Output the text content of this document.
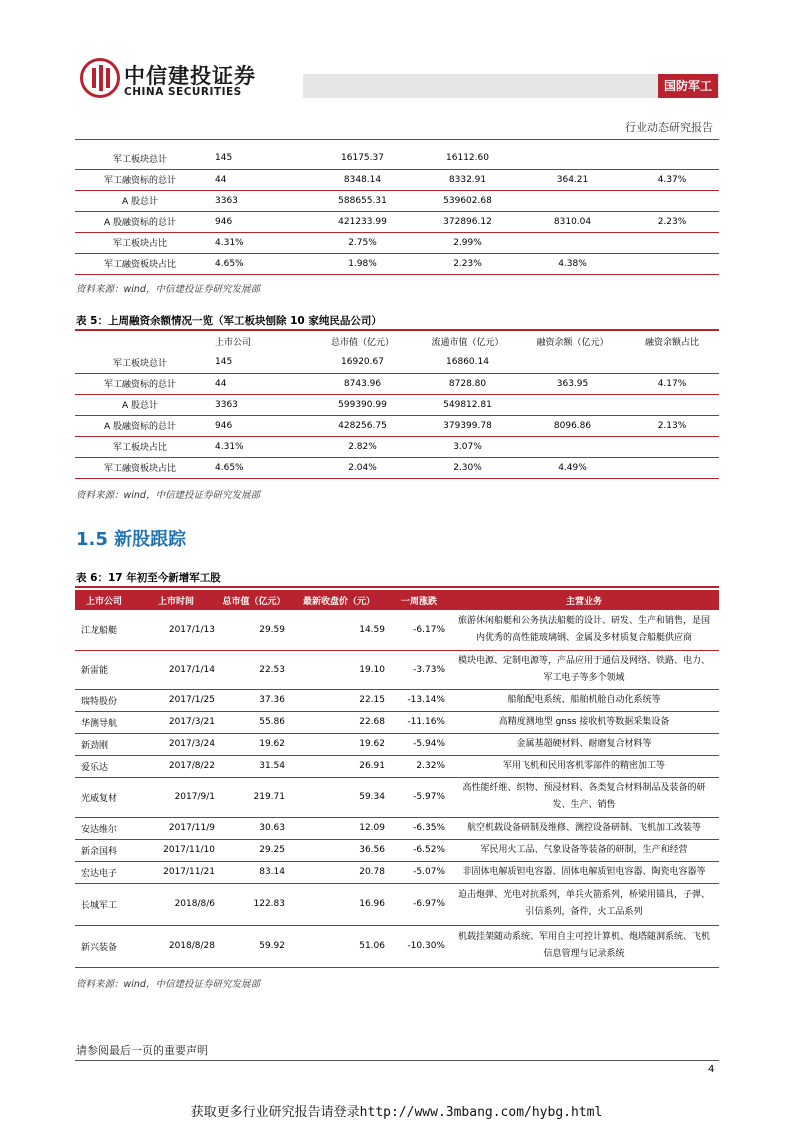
中信建投证券
CHINA SECURITIES	国防军工
行业动态研究报告
军工板块总计	145	16175.37	16112.60		
军工融资标的总计	44	8348.14	8332.91	364.21	4.37%
A 股总计	3363	588655.31	539602.68		
A 股融资标的总计	946	421233.99	372896.12	8310.04	2.23%
军工板块占比	4.31%	2.75%	2.99%		
军工融资板块占比	4.65%	1.98%	2.23%	4.38%	
资料来源：wind，中信建投证券研究发展部
表 5：上周融资余额情况一览（军工板块刨除 10 家纯民品公司）
	上市公司	总市值（亿元）	流通市值（亿元）	融资余额（亿元）	融资余额占比
军工板块总计	145	16920.67	16860.14		
军工融资标的总计	44	8743.96	8728.80	363.95	4.17%
A 股总计	3363	599390.99	549812.81		
A 股融资标的总计	946	428256.75	379399.78	8096.86	2.13%
军工板块占比	4.31%	2.82%	3.07%		
军工融资板块占比	4.65%	2.04%	2.30%	4.49%	
资料来源：wind，中信建投证券研究发展部
1.5 新股跟踪
表 6：17 年初至今新增军工股
上市公司	上市时间	总市值（亿元）	最新收盘价（元）	一周涨跌	主营业务
江龙船艇	2017/1/13	29.59	14.59	-6.17%	旅游休闲船艇和公务执法船艇的设计、研发、生产和销售，是国内优秀的高性能玻璃钢、金属及多材质复合船艇供应商
新雷能	2017/1/14	22.53	19.10	-3.73%	模块电源、定制电源等，产品应用于通信及网络、铁路、电力、军工电子等多个领域
瑞特股份	2017/1/25	37.36	22.15	-13.14%	船舶配电系统、船舶机舱自动化系统等
华测导航	2017/3/21	55.86	22.68	-11.16%	高精度测地型 gnss 接收机等数据采集设备
新劲刚	2017/3/24	19.62	19.62	-5.94%	金属基超硬材料、耐磨复合材料等
爱乐达	2017/8/22	31.54	26.91	2.32%	军用飞机和民用客机零部件的精密加工等
光威复材	2017/9/1	219.71	59.34	-5.97%	高性能纤维、织物、预浸材料、各类复合材料制品及装备的研发、生产、销售
安达维尔	2017/11/9	30.63	12.09	-6.35%	航空机载设备研制及维修、测控设备研制、飞机加工改装等
新余国科	2017/11/10	29.25	36.56	-6.52%	军民用火工品、气象设备等装备的研制，生产和经营
宏达电子	2017/11/21	83.14	20.78	-5.07%	非固体电解质钽电容器、固体电解质钽电容器、陶瓷电容器等
长城军工	2018/8/6	122.83	16.96	-6.97%	迫击炮弹、光电对抗系列，单兵火箭系列，桥梁用锚具，子弹、引信系列，备件，火工品系列
新兴装备	2018/8/28	59.92	51.06	-10.30%	机载挂架随动系统、军用自主可控计算机、炮塔随洞系统、飞机信息管理与记录系统
资料来源：wind，中信建投证券研究发展部
请参阅最后一页的重要声明
4
获取更多行业研究报告请登录http://www.3mbang.com/hybg.html
